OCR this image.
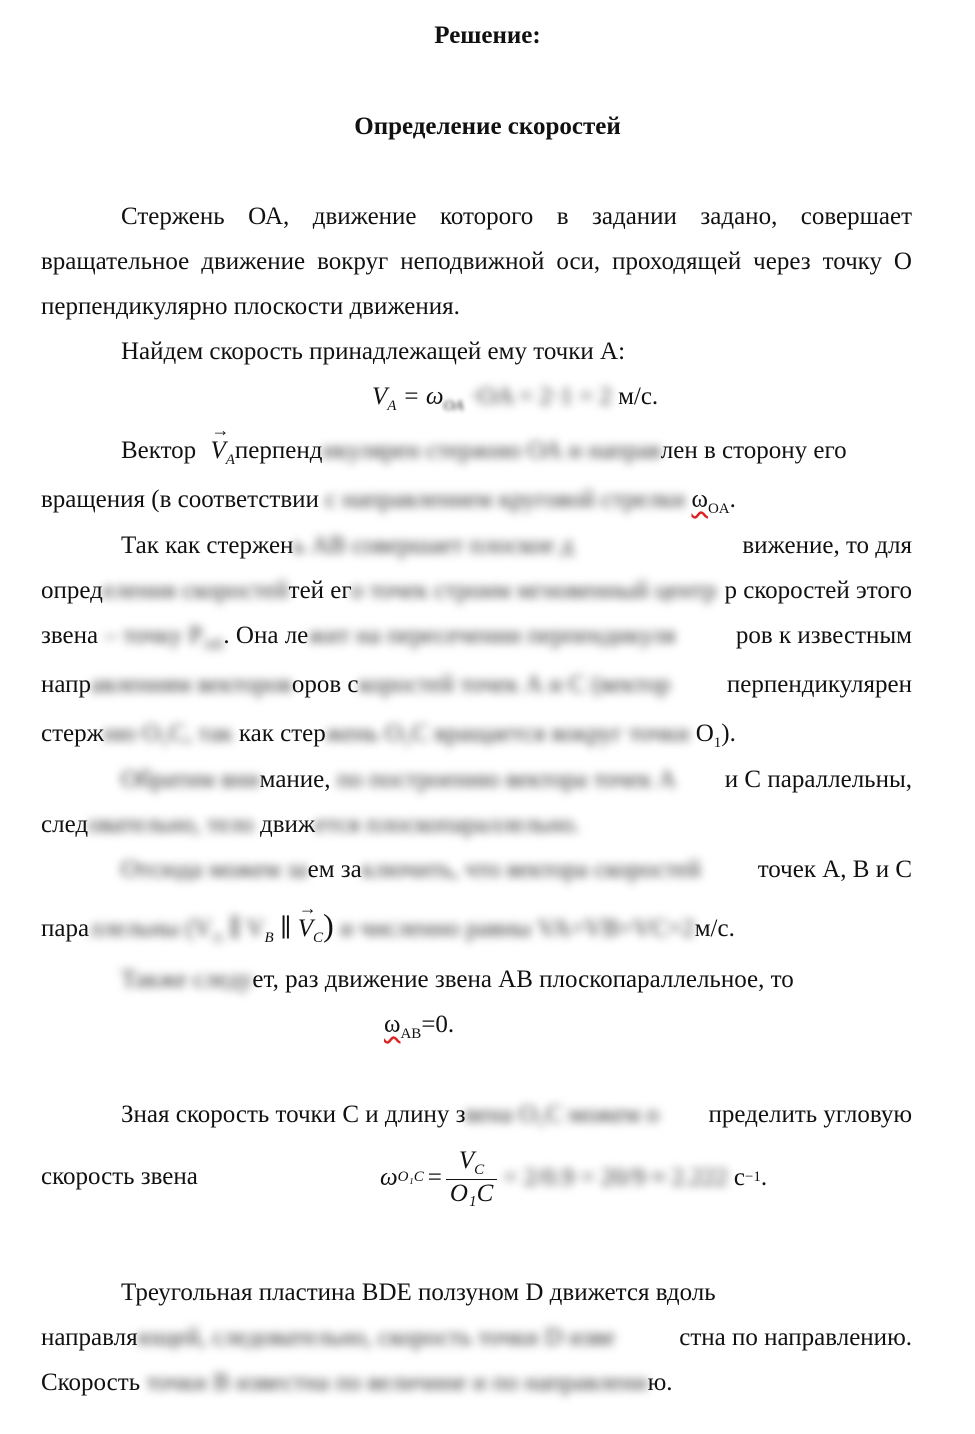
Решение:
Определение скоростей
Стержень ОА, движение которого в задании задано, совершает вращательное движение вокруг неподвижной оси, проходящей через точку О перпендикулярно плоскости движения.
Найдем скорость принадлежащей ему точки А:
$V_A = \omega_{OA} \cdot OA = 2\cdot 1 = 2$ м/с.
Вектор → $V_Aперпендикулярен$ стержню ОА и направлен в сторону его
вращения (в соответствии с направлением круговой стрелки $\omega_{OA}$.
Так как стержень АВ совершает плоское д	вижение, то для
определения скоростейтей его точек строим мгновенный центр р скоростей этого
звена – точку $P_{AB}$. Она лежит на пересечении перпендикуля ров к известным
направлениям вектороворов скоростей точек А и С (вектор перпендикулярен
стержню O₁C, так как стержень O₁C вращается вокруг точки $O_1$).
Обратим внимание, по построению вектора точек А и С параллельны,
следовательно, тело движется плоскопараллельно.
Отсюда можем заем заключить, что вектора скоростей точек А, В и С
параллельны ($V_A$ ∥ $V_B$ ∥ → $V_C$) и численно равны VA=VB=VC=2м/с.
Также следует, раз движение звена АВ плоскопараллельное, то
$\omega_{AB}=0$.
Зная скорость точки С и длину звена O₁C можем о пределить угловую
скорость звена	ω $O_1C = \frac{V_C}{\text{O₁C}} = 2/0.9 = 20/9 \approx 2.222$ с −1 .
Треугольная пластина BDE ползуном D движется вдоль
направляющей, следовательно, скорость точки D изве	стна по направлению.
Скорость точки В известна по величине и по направлению.
